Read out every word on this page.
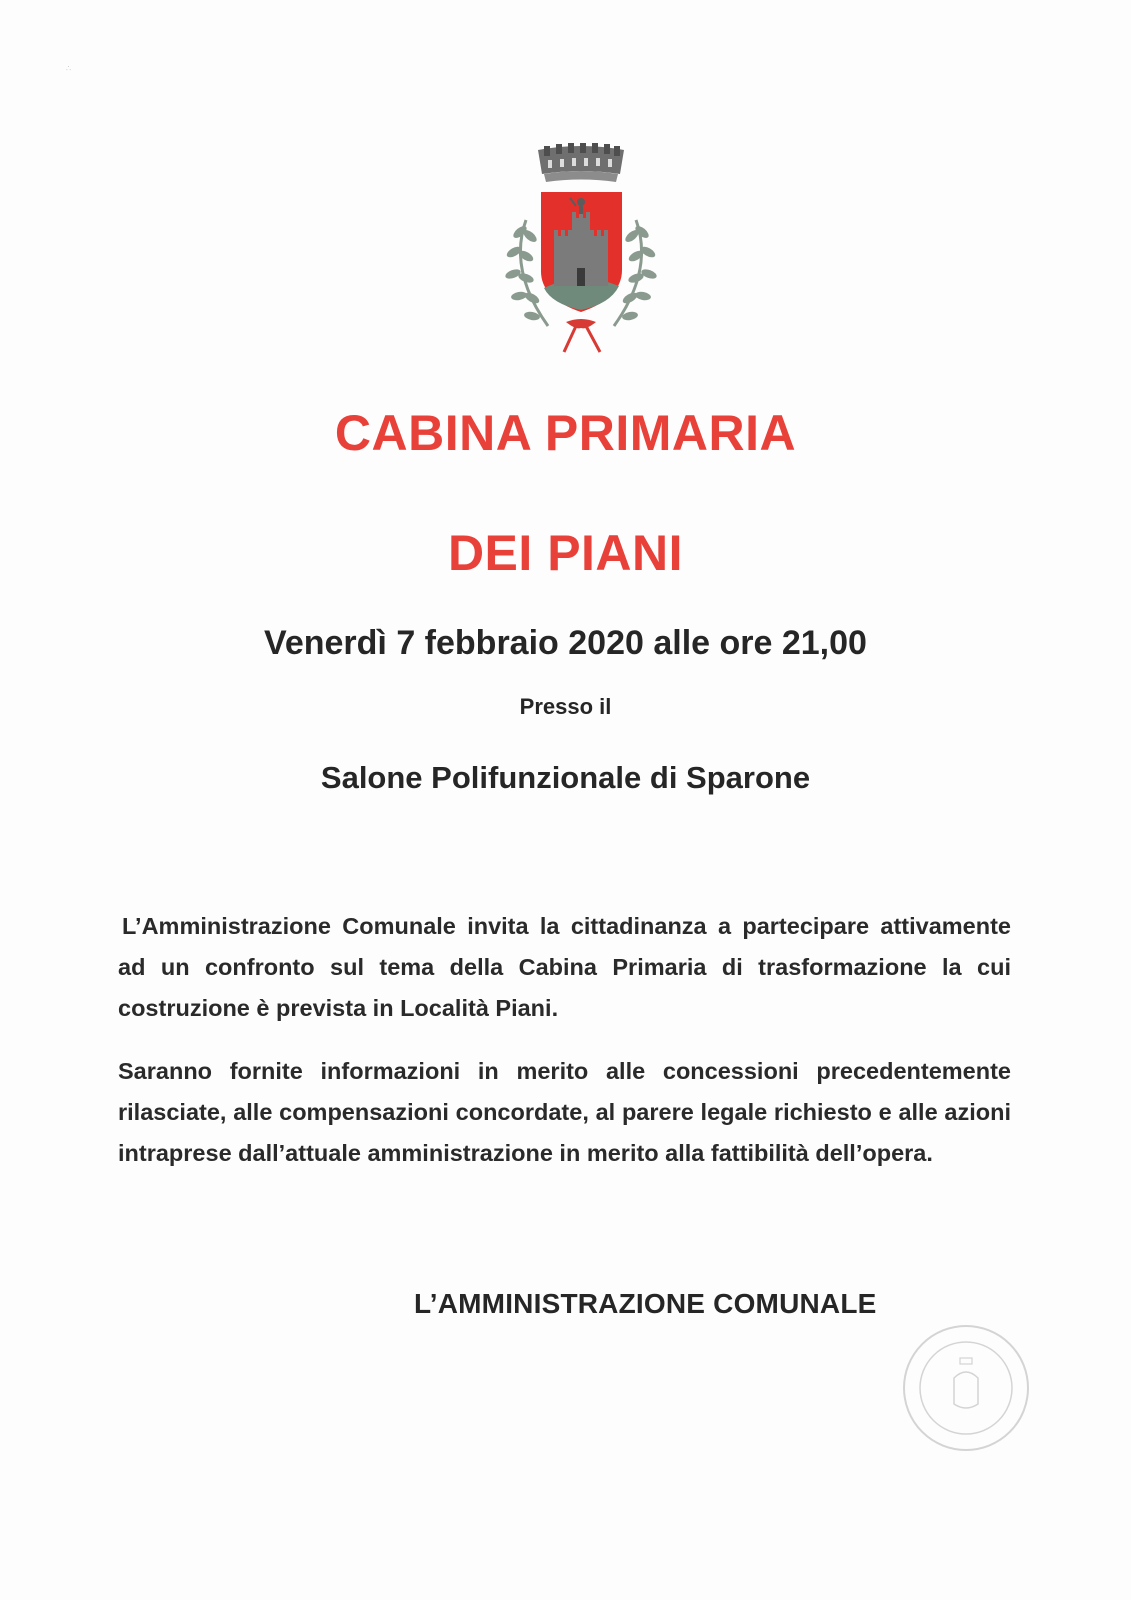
∴
CABINA PRIMARIA
DEI PIANI
Venerdì 7 febbraio 2020 alle ore 21,00
Presso il
Salone Polifunzionale di Sparone

L’Amministrazione Comunale invita la cittadinanza a partecipare attivamente ad un confronto sul tema della Cabina Primaria di trasformazione la cui costruzione è prevista in Località Piani.

Saranno fornite informazioni in merito alle concessioni precedentemente rilasciate, alle compensazioni concordate, al parere legale richiesto e alle azioni intraprese dall’attuale amministrazione in merito alla fattibilità dell’opera.

L’AMMINISTRAZIONE COMUNALE
